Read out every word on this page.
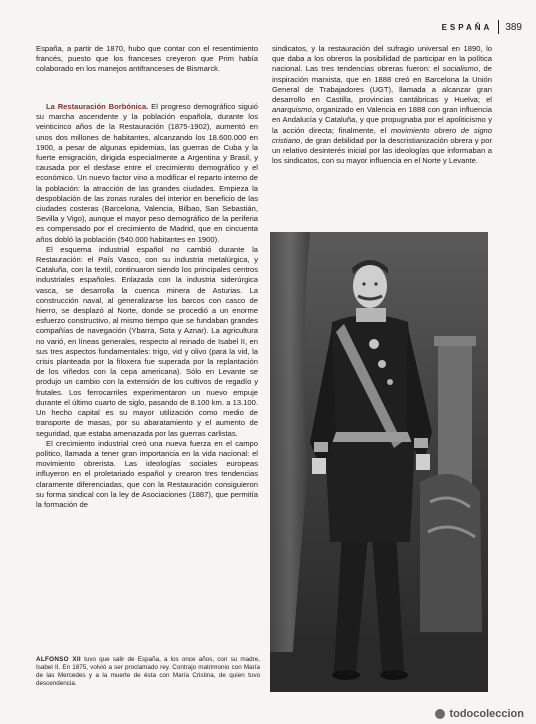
ESPAÑA 389

España, a partir de 1870, hubo que contar con el resentimiento francés, puesto que los franceses creyeron que Prim había colaborado en los manejos antifranceses de Bismarck.

La Restauración Borbónica. El progreso demográfico siguió su marcha ascendente y la población española, durante los veinticinco años de la Restauración (1875-1902), aumentó en unos dos millones de habitantes, alcanzando los 18.600.000 en 1900, a pesar de algunas epidemias, las guerras de Cuba y la fuerte emigración, dirigida especialmente a Argentina y Brasil, y causada por el desfase entre el crecimiento demográfico y el económico. Un nuevo factor vino a modificar el reparto interno de la población: la atracción de las grandes ciudades. Empieza la despoblación de las zonas rurales del interior en beneficio de las ciudades costeras (Barcelona, Valencia, Bilbao, San Sebastián, Sevilla y Vigo), aunque el mayor peso demográfico de la periferia es compensado por el crecimiento de Madrid, que en cincuenta años dobló la población (540.000 habitantes en 1900).

El esquema industrial español no cambió durante la Restauración: el País Vasco, con su industria metalúrgica, y Cataluña, con la textil, continuaron siendo los principales centros industriales españoles. Enlazada con la industria siderúrgica vasca, se desarrolla la cuenca minera de Asturias. La construcción naval, al generalizarse los barcos con casco de hierro, se desplazó al Norte, donde se procedió a un enorme esfuerzo constructivo, al mismo tiempo que se fundaban grandes compañías de navegación (Ybarra, Sota y Aznar). La agricultura no varió, en líneas generales, respecto al reinado de Isabel II, en sus tres aspectos fundamentales: trigo, vid y olivo (para la vid, la crisis planteada por la filoxera fue superada por la replantación de los viñedos con la cepa americana). Sólo en Levante se produjo un cambio con la extensión de los cultivos de regadío y frutales. Los ferrocarriles experimentaron un nuevo empuje durante el último cuarto de siglo, pasando de 8.100 km. a 13.100. Un hecho capital es su mayor utilización como medio de transporte de masas, por su abaratamiento y el aumento de seguridad, que estaba amenazada por las guerras carlistas.

El crecimiento industrial creó una nueva fuerza en el campo político, llamada a tener gran importancia en la vida nacional: el movimiento obrerista. Las ideologías sociales europeas influyeron en el proletariado español y crearon tres tendencias claramente diferenciadas, que con la Restauración consiguieron su forma sindical con la ley de Asociaciones (1887), que permitía la formación de

sindicatos, y la restauración del sufragio universal en 1890, lo que daba a los obreros la posibilidad de participar en la política nacional. Las tres tendencias obreras fueron: el socialismo, de inspiración marxista, que en 1888 creó en Barcelona la Unión General de Trabajadores (UGT), llamada a alcanzar gran desarrollo en Castilla, provincias cantábricas y Huelva; el anarquismo, organizado en Valencia en 1888 con gran influencia en Andalucía y Cataluña, y que propugnaba por el apoliticismo y la acción directa; finalmente, el movimiento obrero de signo cristiano, de gran debilidad por la descristianización obrera y por un relativo desinterés inicial por las ideologías que informaban a los sindicatos, con su mayor influencia en el Norte y Levante.

ALFONSO XII tuvo que salir de España, a los once años, con su madre, Isabel II. En 1875, volvió a ser proclamado rey. Contrajo matrimonio con María de las Mercedes y a la muerte de ésta con María Cristina, de quien tuvo descendencia.
todocoleccion
